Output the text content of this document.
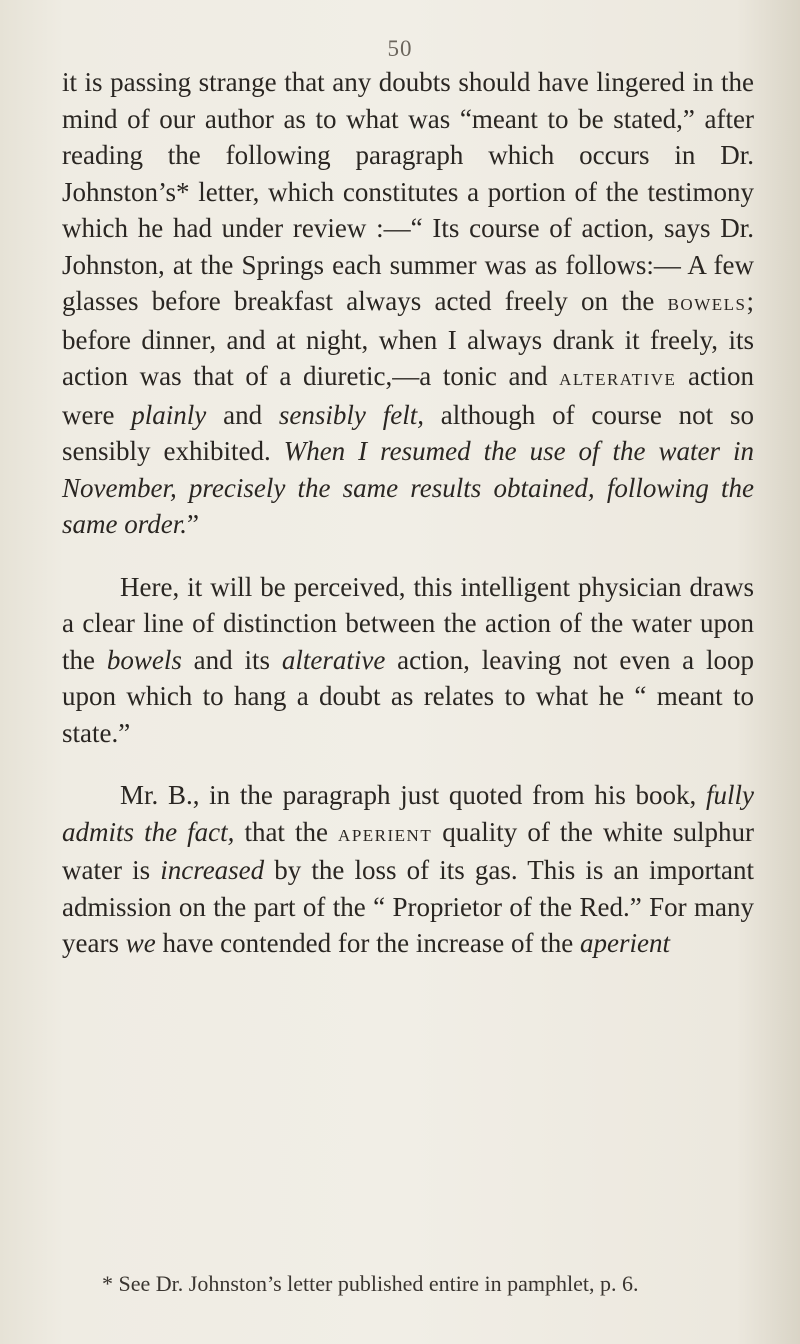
50

it is passing strange that any doubts should have lingered in the mind of our author as to what was “meant to be stated,” after reading the following paragraph which occurs in Dr. Johnston’s* letter, which constitutes a portion of the testimony which he had under review :—“ Its course of action, says Dr. Johnston, at the Springs each summer was as follows:— A few glasses before breakfast always acted freely on the bowels; before dinner, and at night, when I always drank it freely, its action was that of a diuretic,—a tonic and alterative action were plainly and sensibly felt, although of course not so sensibly exhibited. When I resumed the use of the water in November, precisely the same results obtained, following the same order.”

Here, it will be perceived, this intelligent physician draws a clear line of distinction between the action of the water upon the bowels and its alterative action, leaving not even a loop upon which to hang a doubt as relates to what he “ meant to state.”

Mr. B., in the paragraph just quoted from his book, fully admits the fact, that the aperient quality of the white sulphur water is increased by the loss of its gas. This is an important admission on the part of the “ Proprietor of the Red.” For many years we have contended for the increase of the aperient

* See Dr. Johnston’s letter published entire in pamphlet, p. 6.
